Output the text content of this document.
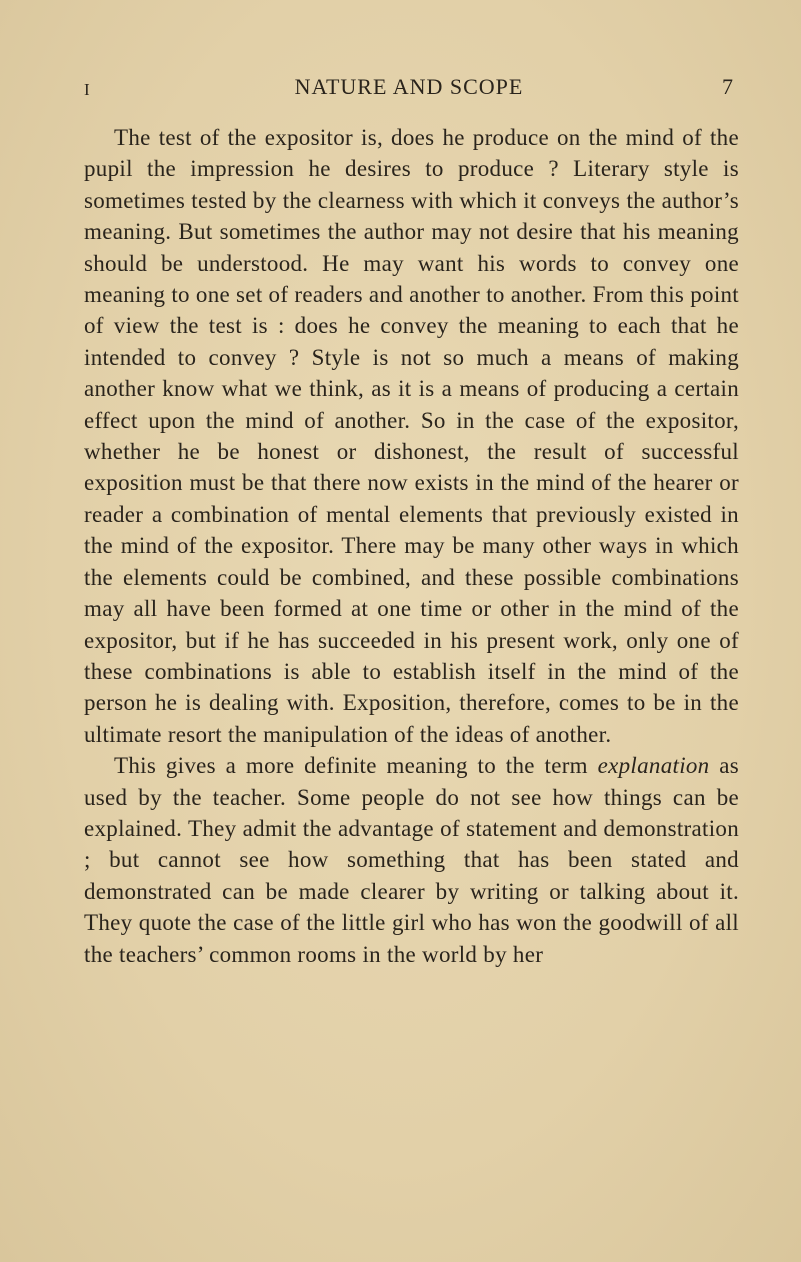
I	NATURE AND SCOPE	7

The test of the expositor is, does he produce on the mind of the pupil the impression he desires to produce ? Literary style is sometimes tested by the clearness with which it conveys the author’s meaning. But sometimes the author may not desire that his meaning should be understood. He may want his words to convey one meaning to one set of readers and another to another. From this point of view the test is : does he convey the meaning to each that he intended to convey ? Style is not so much a means of making another know what we think, as it is a means of producing a certain effect upon the mind of another. So in the case of the expositor, whether he be honest or dishonest, the result of successful exposition must be that there now exists in the mind of the hearer or reader a combination of mental elements that previously existed in the mind of the expositor. There may be many other ways in which the elements could be combined, and these possible combinations may all have been formed at one time or other in the mind of the expositor, but if he has succeeded in his present work, only one of these combinations is able to establish itself in the mind of the person he is dealing with. Exposition, therefore, comes to be in the ultimate resort the manipulation of the ideas of another.

This gives a more definite meaning to the term explanation as used by the teacher. Some people do not see how things can be explained. They admit the advantage of statement and demonstration ; but cannot see how something that has been stated and demonstrated can be made clearer by writing or talking about it. They quote the case of the little girl who has won the goodwill of all the teachers’ common rooms in the world by her
